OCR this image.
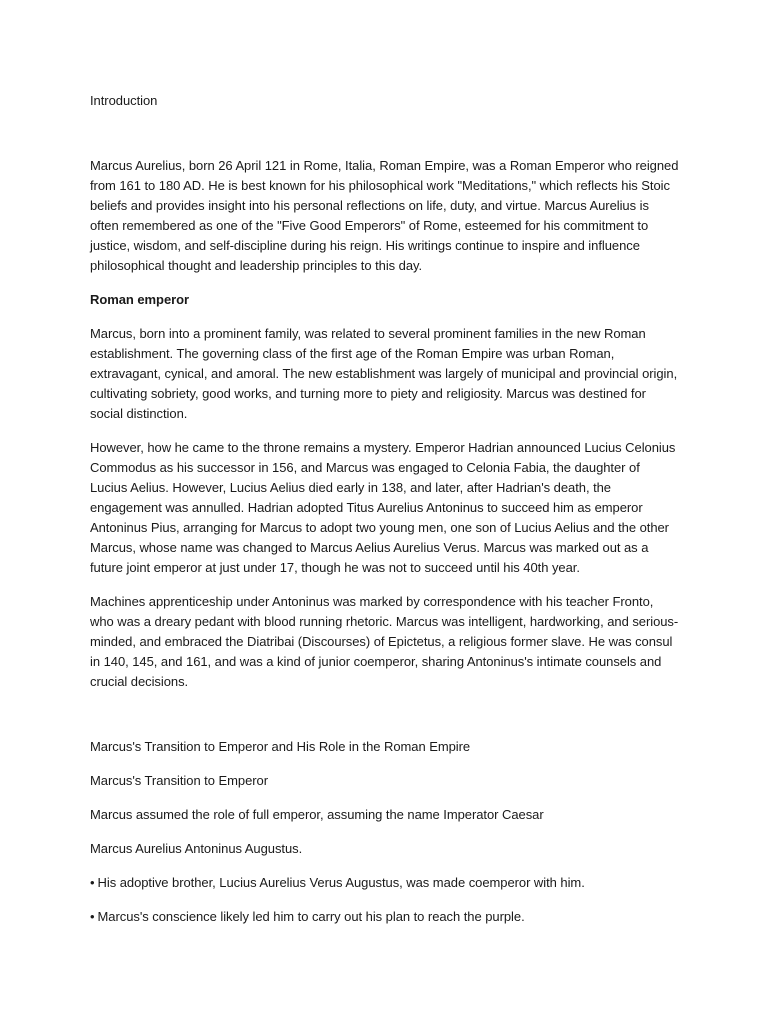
Introduction

Marcus Aurelius, born 26 April 121 in Rome, Italia, Roman Empire, was a Roman Emperor who reigned from 161 to 180 AD. He is best known for his philosophical work "Meditations," which reflects his Stoic beliefs and provides insight into his personal reflections on life, duty, and virtue. Marcus Aurelius is often remembered as one of the "Five Good Emperors" of Rome, esteemed for his commitment to justice, wisdom, and self-discipline during his reign. His writings continue to inspire and influence philosophical thought and leadership principles to this day.

Roman emperor

Marcus, born into a prominent family, was related to several prominent families in the new Roman establishment. The governing class of the first age of the Roman Empire was urban Roman, extravagant, cynical, and amoral. The new establishment was largely of municipal and provincial origin, cultivating sobriety, good works, and turning more to piety and religiosity. Marcus was destined for social distinction.

However, how he came to the throne remains a mystery. Emperor Hadrian announced Lucius Celonius Commodus as his successor in 156, and Marcus was engaged to Celonia Fabia, the daughter of Lucius Aelius. However, Lucius Aelius died early in 138, and later, after Hadrian's death, the engagement was annulled. Hadrian adopted Titus Aurelius Antoninus to succeed him as emperor Antoninus Pius, arranging for Marcus to adopt two young men, one son of Lucius Aelius and the other Marcus, whose name was changed to Marcus Aelius Aurelius Verus. Marcus was marked out as a future joint emperor at just under 17, though he was not to succeed until his 40th year.

Machines apprenticeship under Antoninus was marked by correspondence with his teacher Fronto, who was a dreary pedant with blood running rhetoric. Marcus was intelligent, hardworking, and serious-minded, and embraced the Diatribai (Discourses) of Epictetus, a religious former slave. He was consul in 140, 145, and 161, and was a kind of junior coemperor, sharing Antoninus's intimate counsels and crucial decisions.

Marcus's Transition to Emperor and His Role in the Roman Empire

Marcus's Transition to Emperor

Marcus assumed the role of full emperor, assuming the name Imperator Caesar

Marcus Aurelius Antoninus Augustus.

• His adoptive brother, Lucius Aurelius Verus Augustus, was made coemperor with him.

• Marcus's conscience likely led him to carry out his plan to reach the purple.
